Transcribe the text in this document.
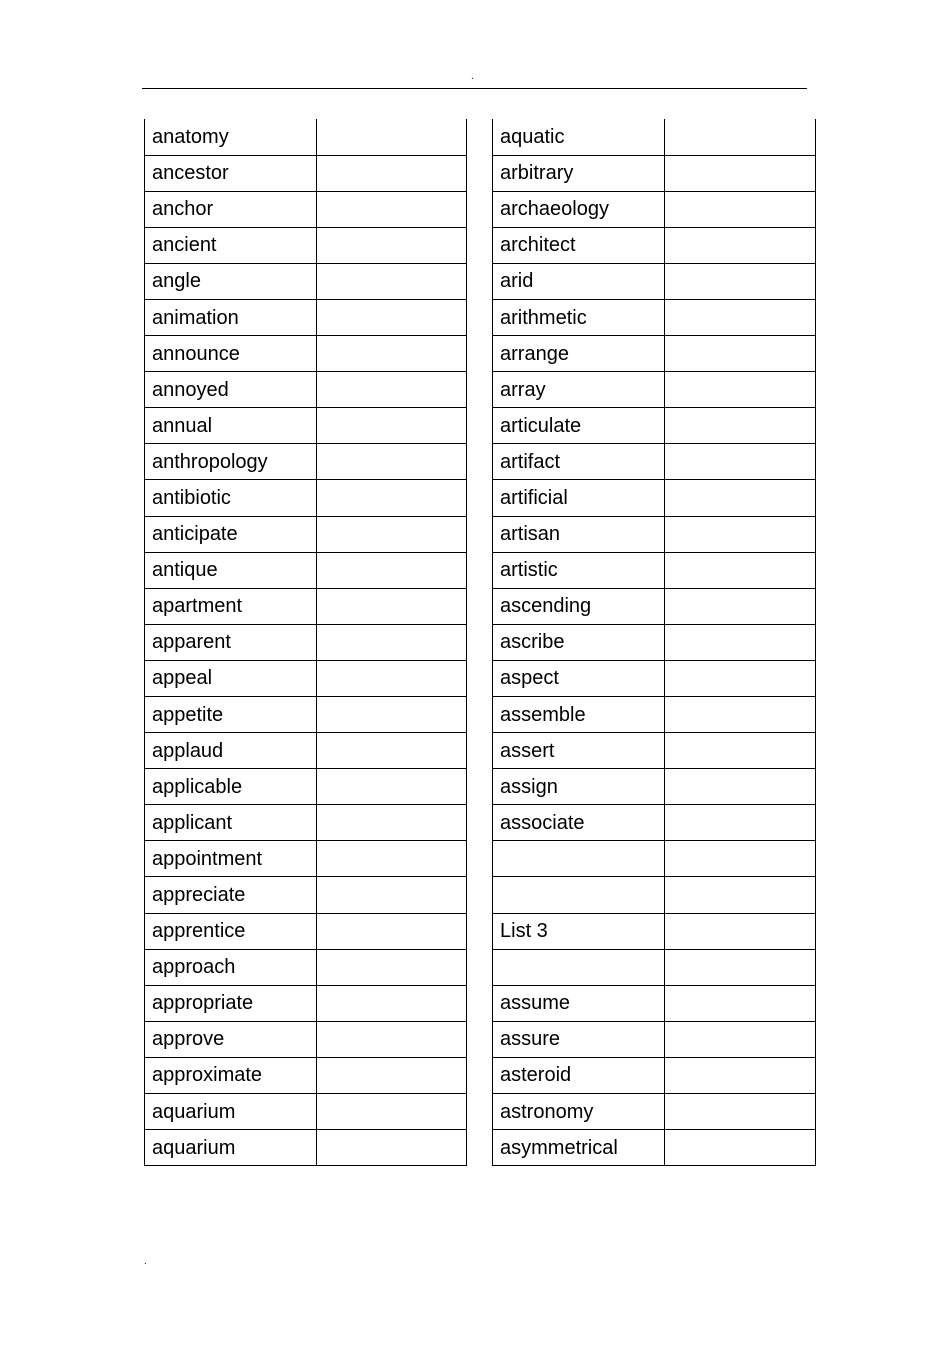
.
anatomy	
ancestor	
anchor	
ancient	
angle	
animation	
announce	
annoyed	
annual	
anthropology	
antibiotic	
anticipate	
antique	
apartment	
apparent	
appeal	
appetite	
applaud	
applicable	
applicant	
appointment	
appreciate	
apprentice	
approach	
appropriate	
approve	
approximate	
aquarium	
aquarium	
aquatic	
arbitrary	
archaeology	
architect	
arid	
arithmetic	
arrange	
array	
articulate	
artifact	
artificial	
artisan	
artistic	
ascending	
ascribe	
aspect	
assemble	
assert	
assign	
associate	

List 3	

assume	
assure	
asteroid	
astronomy	
asymmetrical	
.
